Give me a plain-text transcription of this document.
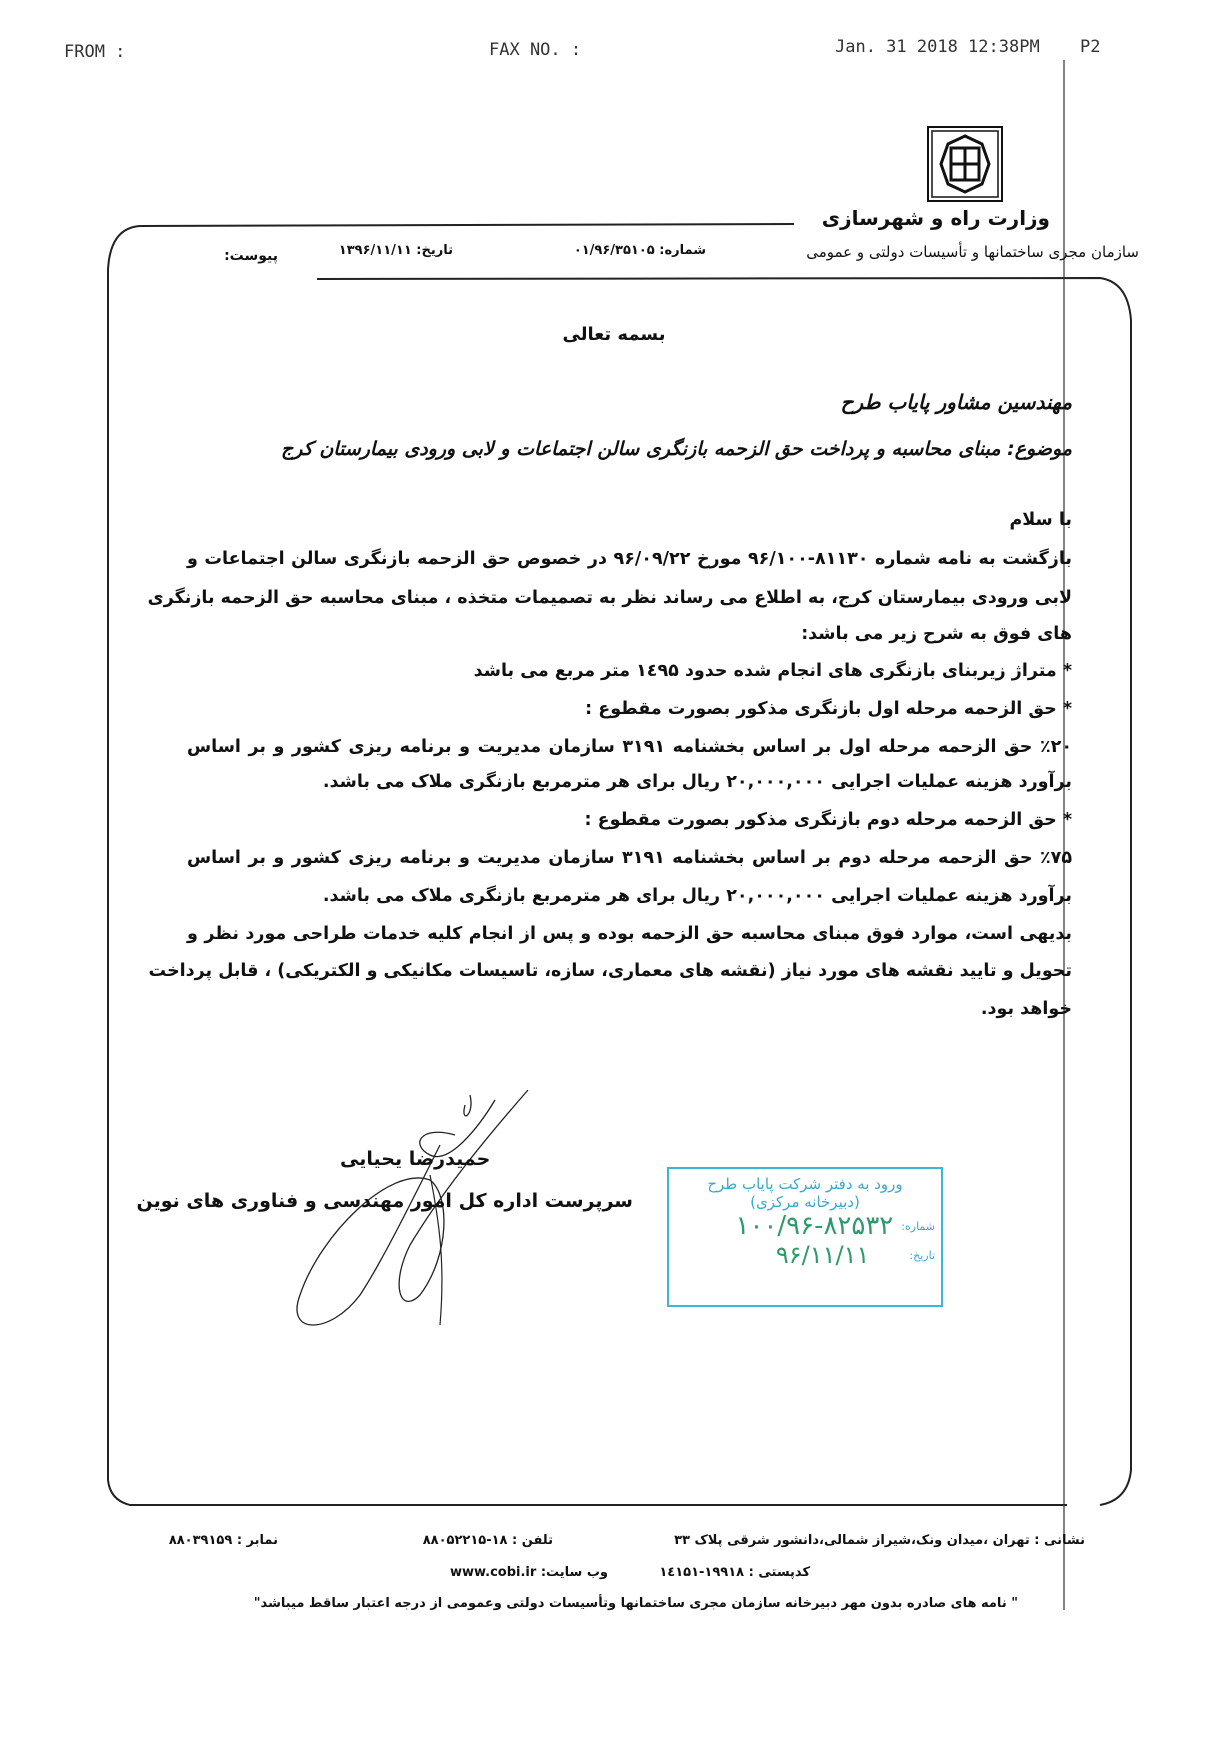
FROM :	FAX NO. :	Jan. 31 2018 12:38PM P2
وزارت راه و شهرسازی
سازمان مجری ساختمانها و تأسیسات دولتی و عمومی
شماره: ۰۱/۹۶/۳۵۱۰۵
تاریخ: ۱۳۹۶/۱۱/۱۱
پیوست:
بسمه تعالی
مهندسین مشاور پایاب طرح
موضوع: مبنای محاسبه و پرداخت حق الزحمه بازنگری سالن اجتماعات و لابی ورودی بیمارستان کرج
با سلام
بازگشت به نامه شماره ۸۱۱۳۰-۹۶/۱۰۰ مورخ ۹۶/۰۹/۲۲ در خصوص حق الزحمه بازنگری سالن اجتماعات و
لابی ورودی بیمارستان کرج، به اطلاع می رساند نظر به تصمیمات متخذه ، مبنای محاسبه حق الزحمه بازنگری
های فوق به شرح زیر می باشد:
* متراژ زیربنای بازنگری های انجام شده حدود ۱٤۹۵ متر مربع می باشد
* حق الزحمه مرحله اول بازنگری مذکور بصورت مقطوع :
٪۲۰ حق الزحمه مرحله اول بر اساس بخشنامه ۳۱۹۱ سازمان مدیریت و برنامه ریزی کشور و بر اساس
برآورد هزینه عملیات اجرایی ۲۰,۰۰۰,۰۰۰ ریال برای هر مترمربع بازنگری ملاک می باشد.
* حق الزحمه مرحله دوم بازنگری مذکور بصورت مقطوع :
٪۷۵ حق الزحمه مرحله دوم بر اساس بخشنامه ۳۱۹۱ سازمان مدیریت و برنامه ریزی کشور و بر اساس
برآورد هزینه عملیات اجرایی ۲۰,۰۰۰,۰۰۰ ریال برای هر مترمربع بازنگری ملاک می باشد.
بدیهی است، موارد فوق مبنای محاسبه حق الزحمه بوده و پس از انجام کلیه خدمات طراحی مورد نظر و
تحویل و تایید نقشه های مورد نیاز (نقشه های معماری، سازه، تاسیسات مکانیکی و الکتریکی) ، قابل پرداخت
خواهد بود.
حمیدرضا یحیایی
سرپرست اداره کل امور مهندسی و فناوری های نوین
ورود به دفتر شرکت پایاب طرح
(دبیرخانه مرکزی)
شماره:
۱۰۰/۹۶-۸۲۵۳۲
تاریخ:
۹۶/۱۱/۱۱
نشانی : تهران ،میدان ونک،شیراز شمالی،دانشور شرقی پلاک ۳۳
تلفن : ۱۸-۸۸۰۵۲۲۱۵
نمابر : ۸۸۰۳۹۱۵۹
کدپستی : ۱۹۹۱۸-۱٤۱۵۱
وب سایت: www.cobi.ir
" نامه های صادره بدون مهر دبیرخانه سازمان مجری ساختمانها وتأسیسات دولتی وعمومی از درجه اعتبار ساقط میباشد"
